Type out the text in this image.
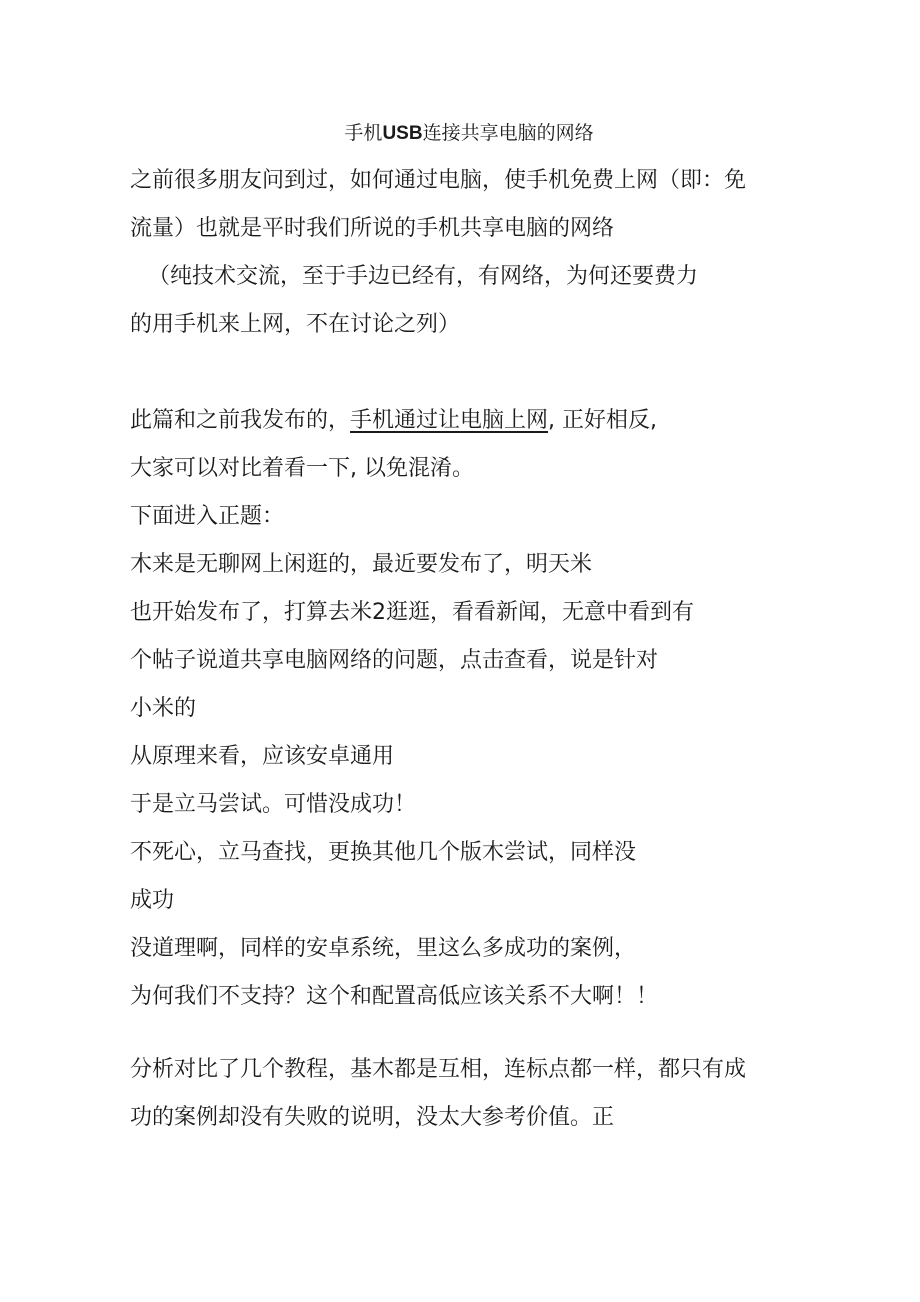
手机USB连接共享电脑的网络
之前很多朋友问到过，如何通过电脑，使手机免费上网（即：免
流量）也就是平时我们所说的手机共享电脑的网络
（纯技术交流，至于手边已经有，有网络，为何还要费力
的用手机来上网，不在讨论之列）
此篇和之前我发布的，手机通过让电脑上网, 正好相反,
大家可以对比着看一下, 以免混淆。
下面进入正题：
木来是无聊网上闲逛的，最近要发布了，明天米
也开始发布了，打算去米2逛逛，看看新闻，无意中看到有
个帖子说道共享电脑网络的问题，点击查看，说是针对
小米的
从原理来看，应该安卓通用
于是立马尝试。可惜没成功！
不死心，立马查找，更换其他几个版木尝试，同样没
成功
没道理啊，同样的安卓系统，里这么多成功的案例，
为何我们不支持？这个和配置高低应该关系不大啊！！
分析对比了几个教程，基木都是互相，连标点都一样，都只有成
功的案例却没有失败的说明，没太大参考价值。正
